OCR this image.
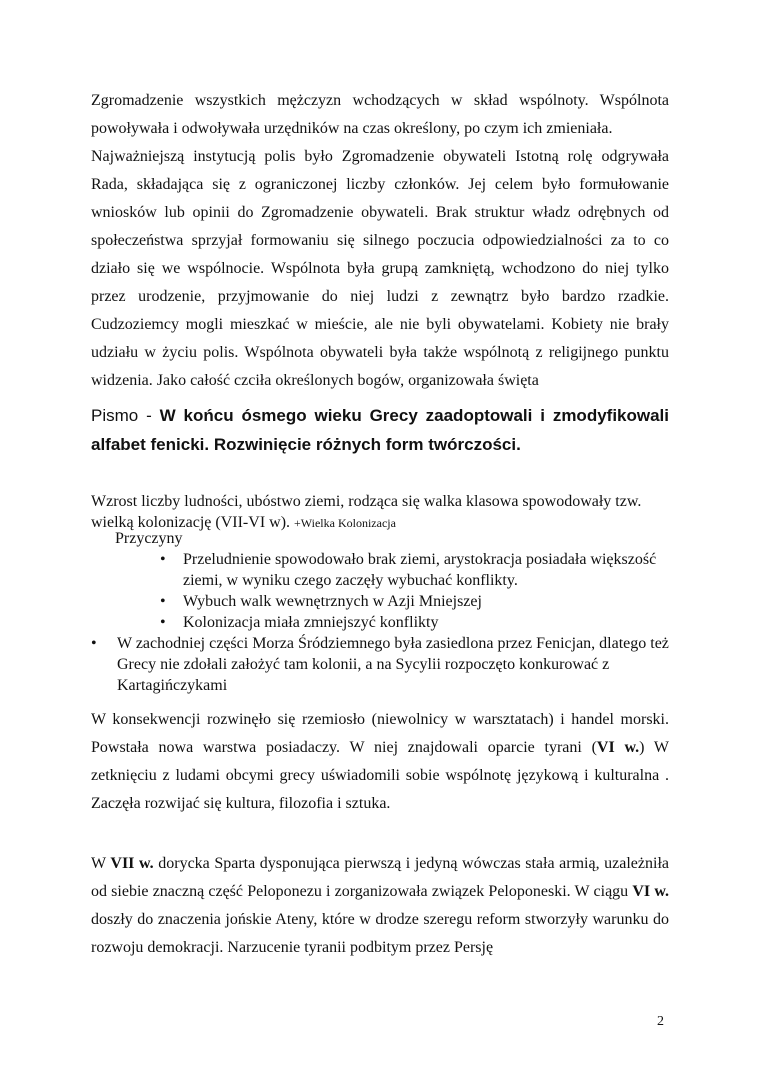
Zgromadzenie wszystkich mężczyzn wchodzących w skład wspólnoty. Wspólnota powoływała i odwoływała urzędników na czas określony, po czym ich zmieniała.

Najważniejszą instytucją polis było Zgromadzenie obywateli Istotną rolę odgrywała Rada, składająca się z ograniczonej liczby członków. Jej celem było formułowanie wniosków lub opinii do Zgromadzenie obywateli. Brak struktur władz odrębnych od społeczeństwa sprzyjał formowaniu się silnego poczucia odpowiedzialności za to co działo się we wspólnocie. Wspólnota była grupą zamkniętą, wchodzono do niej tylko przez urodzenie, przyjmowanie do niej ludzi z zewnątrz było bardzo rzadkie. Cudzoziemcy mogli mieszkać w mieście, ale nie byli obywatelami. Kobiety nie brały udziału w życiu polis. Wspólnota obywateli była także wspólnotą z religijnego punktu widzenia. Jako całość czciła określonych bogów, organizowała święta

Pismo - W końcu ósmego wieku Grecy zaadoptowali i zmodyfikowali alfabet fenicki. Rozwinięcie różnych form twórczości.

Wzrost liczby ludności, ubóstwo ziemi, rodząca się walka klasowa spowodowały tzw. wielką kolonizację (VII-VI w). +Wielka Kolonizacja

Przyczyny

• Przeludnienie spowodowało brak ziemi, arystokracja posiadała większość ziemi, w wyniku czego zaczęły wybuchać konflikty.
• Wybuch walk wewnętrznych w Azji Mniejszej
• Kolonizacja miała zmniejszyć konflikty
• W zachodniej części Morza Śródziemnego była zasiedlona przez Fenicjan, dlatego też Grecy nie zdołali założyć tam kolonii, a na Sycylii rozpoczęto konkurować z Kartagińczykami

W konsekwencji rozwinęło się rzemiosło (niewolnicy w warsztatach) i handel morski. Powstała nowa warstwa posiadaczy. W niej znajdowali oparcie tyrani (VI w.) W zetknięciu z ludami obcymi grecy uświadomili sobie wspólnotę językową i kulturalna . Zaczęła rozwijać się kultura, filozofia i sztuka.

W VII w. dorycka Sparta dysponująca pierwszą i jedyną wówczas stała armią, uzależniła od siebie znaczną część Peloponezu i zorganizowała związek Peloponeski. W ciągu VI w. doszły do znaczenia jońskie Ateny, które w drodze szeregu reform stworzyły warunku do rozwoju demokracji. Narzucenie tyranii podbitym przez Persję

2
